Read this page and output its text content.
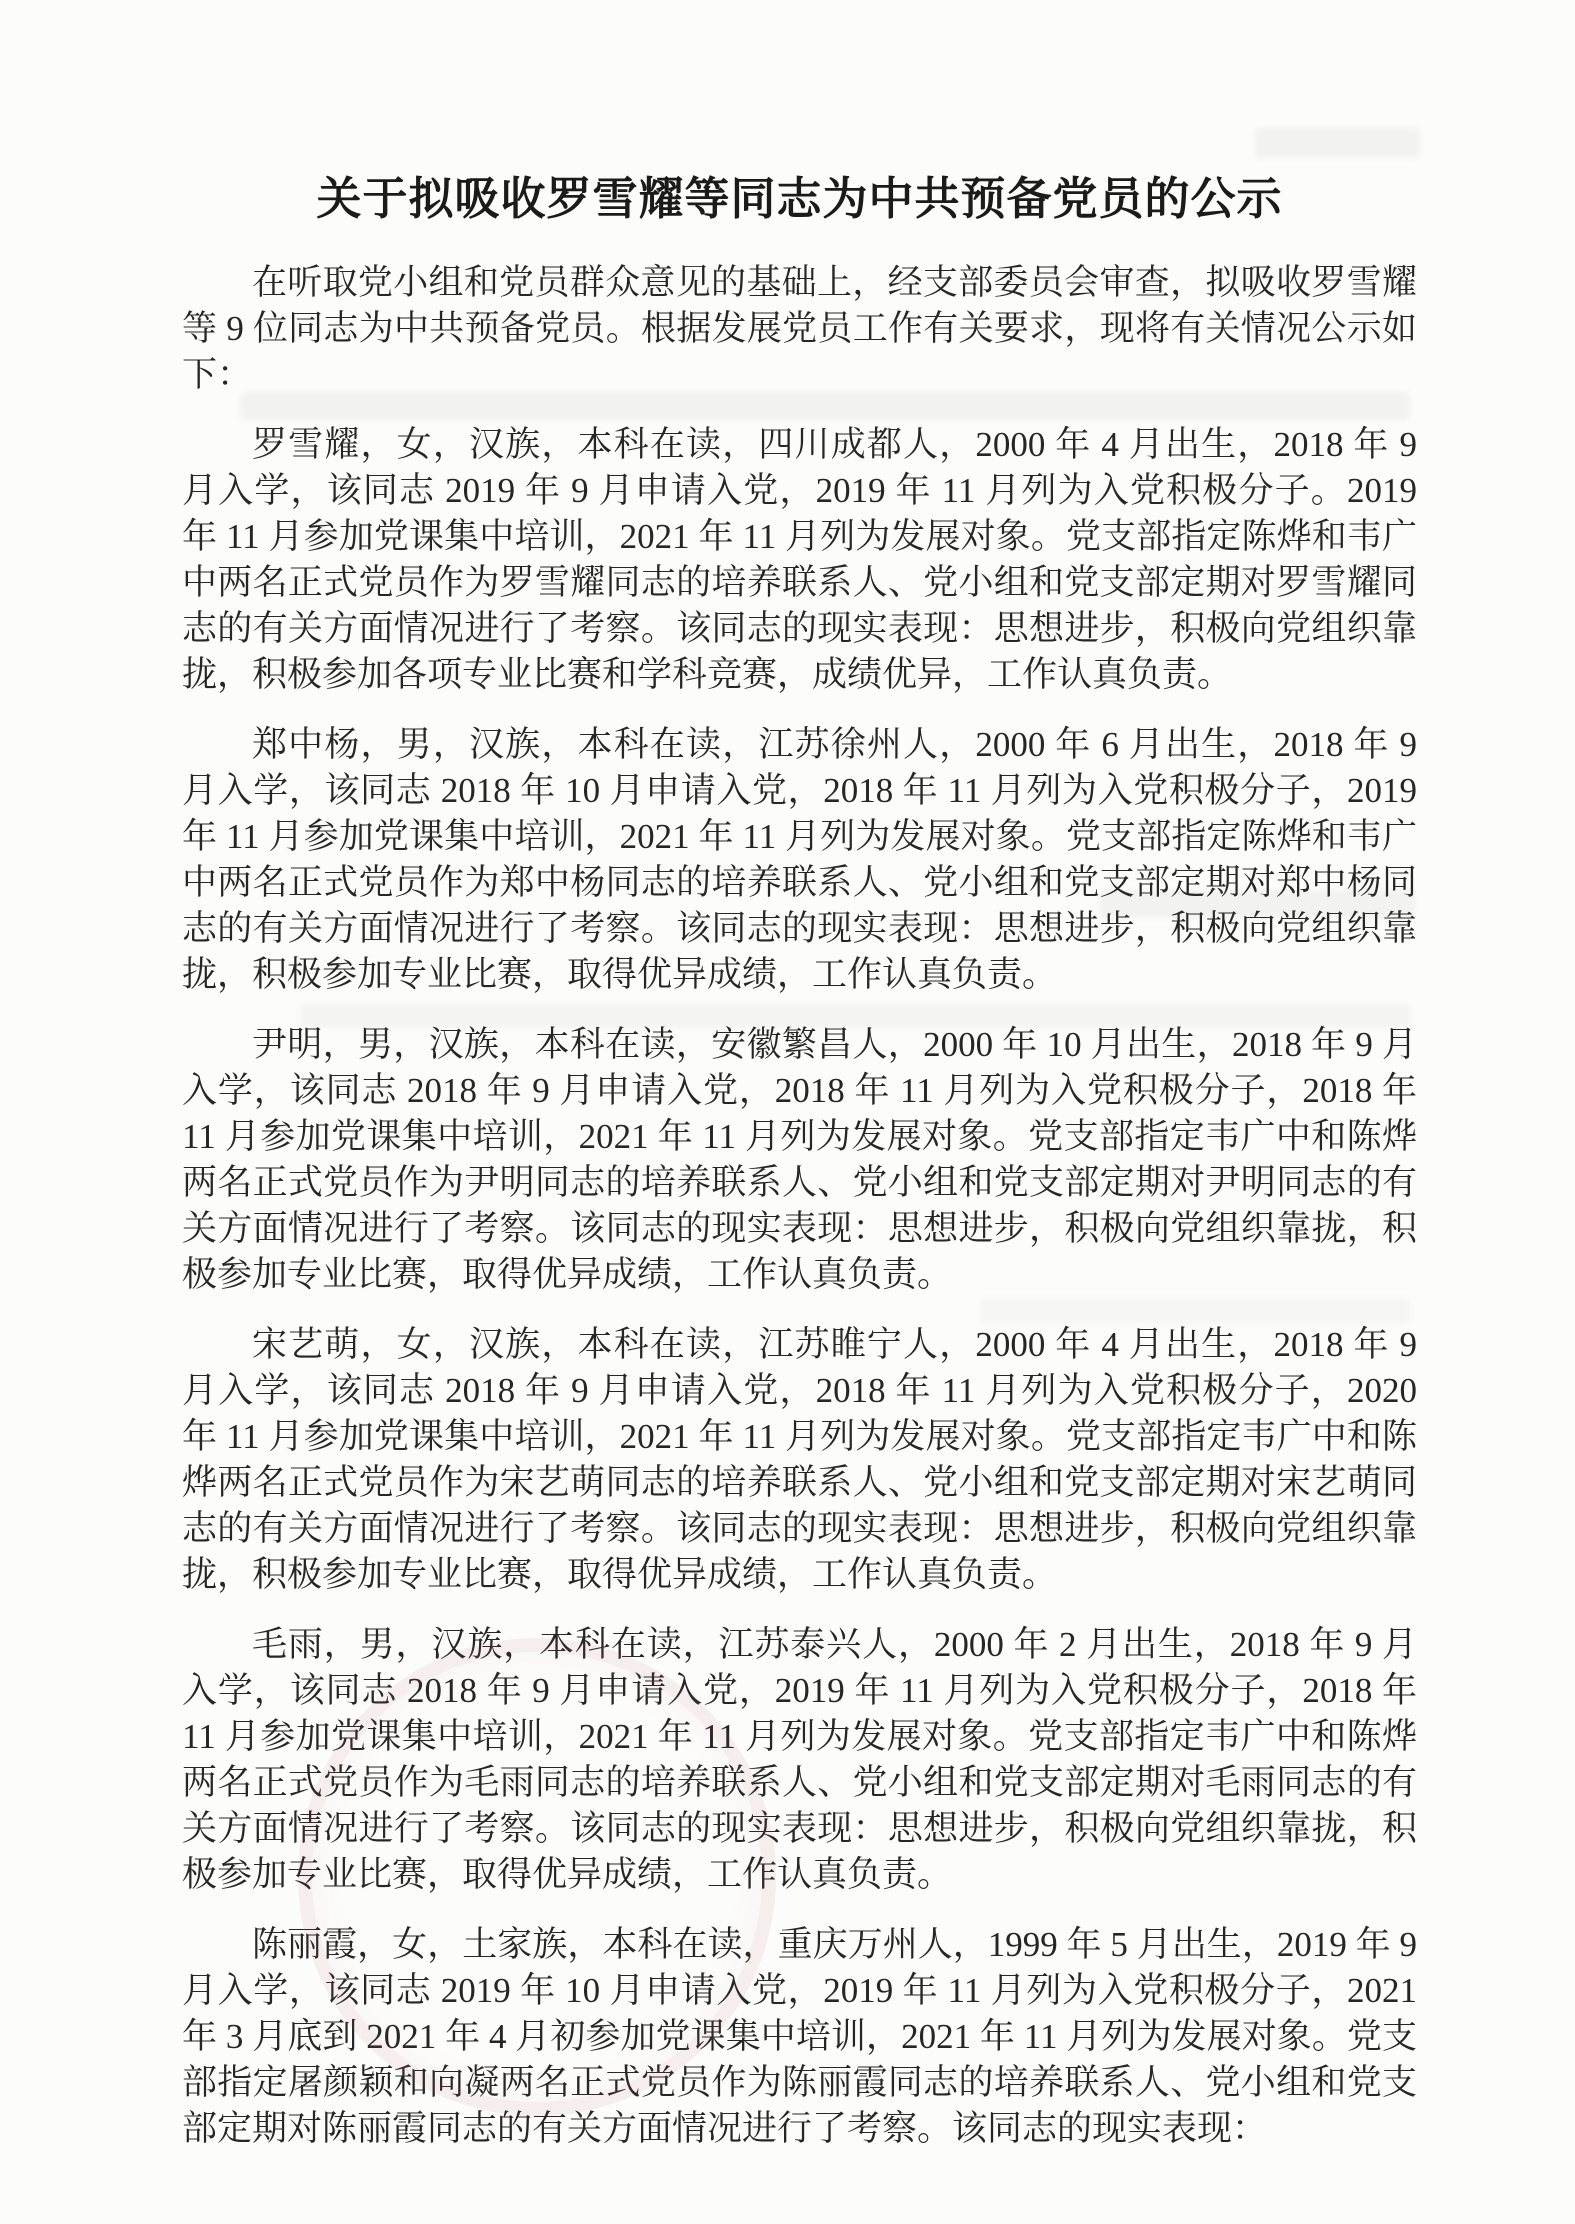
关于拟吸收罗雪耀等同志为中共预备党员的公示

在听取党小组和党员群众意见的基础上，经支部委员会审查，拟吸收罗雪耀等 9 位同志为中共预备党员。根据发展党员工作有关要求，现将有关情况公示如下：

罗雪耀，女，汉族，本科在读，四川成都人，2000 年 4 月出生，2018 年 9 月入学，该同志 2019 年 9 月申请入党，2019 年 11 月列为入党积极分子。2019 年 11 月参加党课集中培训，2021 年 11 月列为发展对象。党支部指定陈烨和韦广中两名正式党员作为罗雪耀同志的培养联系人、党小组和党支部定期对罗雪耀同志的有关方面情况进行了考察。该同志的现实表现：思想进步，积极向党组织靠拢，积极参加各项专业比赛和学科竞赛，成绩优异，工作认真负责。

郑中杨，男，汉族，本科在读，江苏徐州人，2000 年 6 月出生，2018 年 9 月入学，该同志 2018 年 10 月申请入党，2018 年 11 月列为入党积极分子，2019 年 11 月参加党课集中培训，2021 年 11 月列为发展对象。党支部指定陈烨和韦广中两名正式党员作为郑中杨同志的培养联系人、党小组和党支部定期对郑中杨同志的有关方面情况进行了考察。该同志的现实表现：思想进步，积极向党组织靠拢，积极参加专业比赛，取得优异成绩，工作认真负责。

尹明，男，汉族，本科在读，安徽繁昌人，2000 年 10 月出生，2018 年 9 月入学，该同志 2018 年 9 月申请入党，2018 年 11 月列为入党积极分子，2018 年 11 月参加党课集中培训，2021 年 11 月列为发展对象。党支部指定韦广中和陈烨两名正式党员作为尹明同志的培养联系人、党小组和党支部定期对尹明同志的有关方面情况进行了考察。该同志的现实表现：思想进步，积极向党组织靠拢，积极参加专业比赛，取得优异成绩，工作认真负责。

宋艺萌，女，汉族，本科在读，江苏睢宁人，2000 年 4 月出生，2018 年 9 月入学，该同志 2018 年 9 月申请入党，2018 年 11 月列为入党积极分子，2020 年 11 月参加党课集中培训，2021 年 11 月列为发展对象。党支部指定韦广中和陈烨两名正式党员作为宋艺萌同志的培养联系人、党小组和党支部定期对宋艺萌同志的有关方面情况进行了考察。该同志的现实表现：思想进步，积极向党组织靠拢，积极参加专业比赛，取得优异成绩，工作认真负责。

毛雨，男，汉族，本科在读，江苏泰兴人，2000 年 2 月出生，2018 年 9 月入学，该同志 2018 年 9 月申请入党，2019 年 11 月列为入党积极分子，2018 年 11 月参加党课集中培训，2021 年 11 月列为发展对象。党支部指定韦广中和陈烨两名正式党员作为毛雨同志的培养联系人、党小组和党支部定期对毛雨同志的有关方面情况进行了考察。该同志的现实表现：思想进步，积极向党组织靠拢，积极参加专业比赛，取得优异成绩，工作认真负责。

陈丽霞，女，土家族，本科在读，重庆万州人，1999 年 5 月出生，2019 年 9 月入学，该同志 2019 年 10 月申请入党，2019 年 11 月列为入党积极分子，2021 年 3 月底到 2021 年 4 月初参加党课集中培训，2021 年 11 月列为发展对象。党支部指定屠颜颖和向凝两名正式党员作为陈丽霞同志的培养联系人、党小组和党支部定期对陈丽霞同志的有关方面情况进行了考察。该同志的现实表现：
